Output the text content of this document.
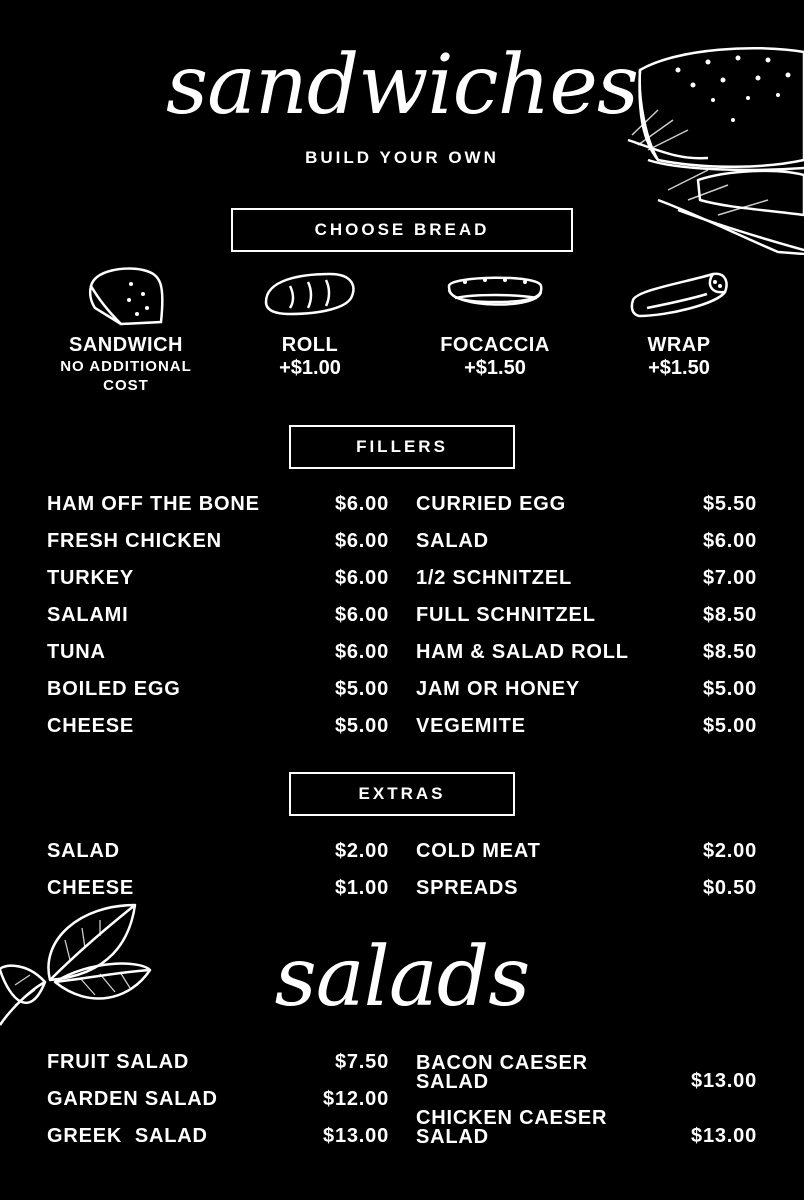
sandwiches
BUILD YOUR OWN
CHOOSE BREAD
SANDWICH
NO ADDITIONAL COST
ROLL
+$1.00
FOCACCIA
+$1.50
WRAP
+$1.50
FILLERS
HAM OFF THE BONE	$6.00
FRESH CHICKEN	$6.00
TURKEY	$6.00
SALAMI	$6.00
TUNA	$6.00
BOILED EGG	$5.00
CHEESE	$5.00
CURRIED EGG	$5.50
SALAD	$6.00
1/2 SCHNITZEL	$7.00
FULL SCHNITZEL	$8.50
HAM & SALAD ROLL	$8.50
JAM OR HONEY	$5.00
VEGEMITE	$5.00
EXTRAS
SALAD	$2.00
CHEESE	$1.00
COLD MEAT	$2.00
SPREADS	$0.50
salads
FRUIT SALAD	$7.50
GARDEN SALAD	$12.00
GREEK  SALAD	$13.00
BACON CAESER
SALAD	$13.00
CHICKEN CAESER
SALAD	$13.00
